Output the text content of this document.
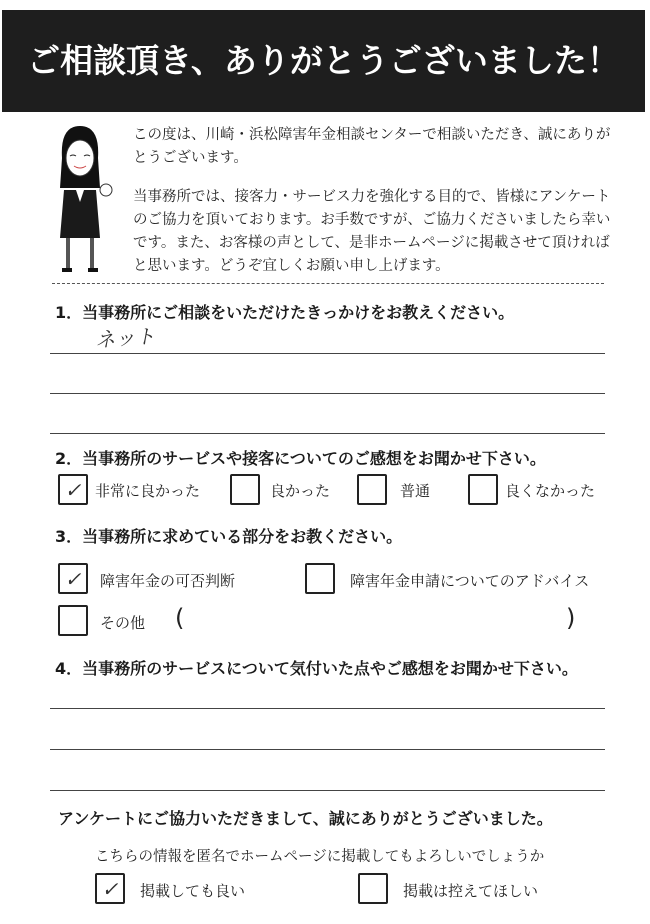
ご相談頂き、ありがとうございました！
この度は、川崎・浜松障害年金相談センターで相談いただき、誠にありがとうございます。
当事務所では、接客力・サービス力を強化する目的で、皆様にアンケートのご協力を頂いております。お手数ですが、ご協力くださいましたら幸いです。また、お客様の声として、是非ホームページに掲載させて頂ければと思います。どうぞ宜しくお願い申し上げます。
1．当事務所にご相談をいただけたきっかけをお教えください。
ネット
2．当事務所のサービスや接客についてのご感想をお聞かせ下さい。
✓ 非常に良かった	良かった	普通	良くなかった
3．当事務所に求めている部分をお教ください。
✓	障害年金の可否判断	障害年金申請についてのアドバイス
その他 (	)
4．当事務所のサービスについて気付いた点やご感想をお聞かせ下さい。
アンケートにご協力いただきまして、誠にありがとうございました。
こちらの情報を匿名でホームページに掲載してもよろしいでしょうか
✓	掲載しても良い	掲載は控えてほしい
